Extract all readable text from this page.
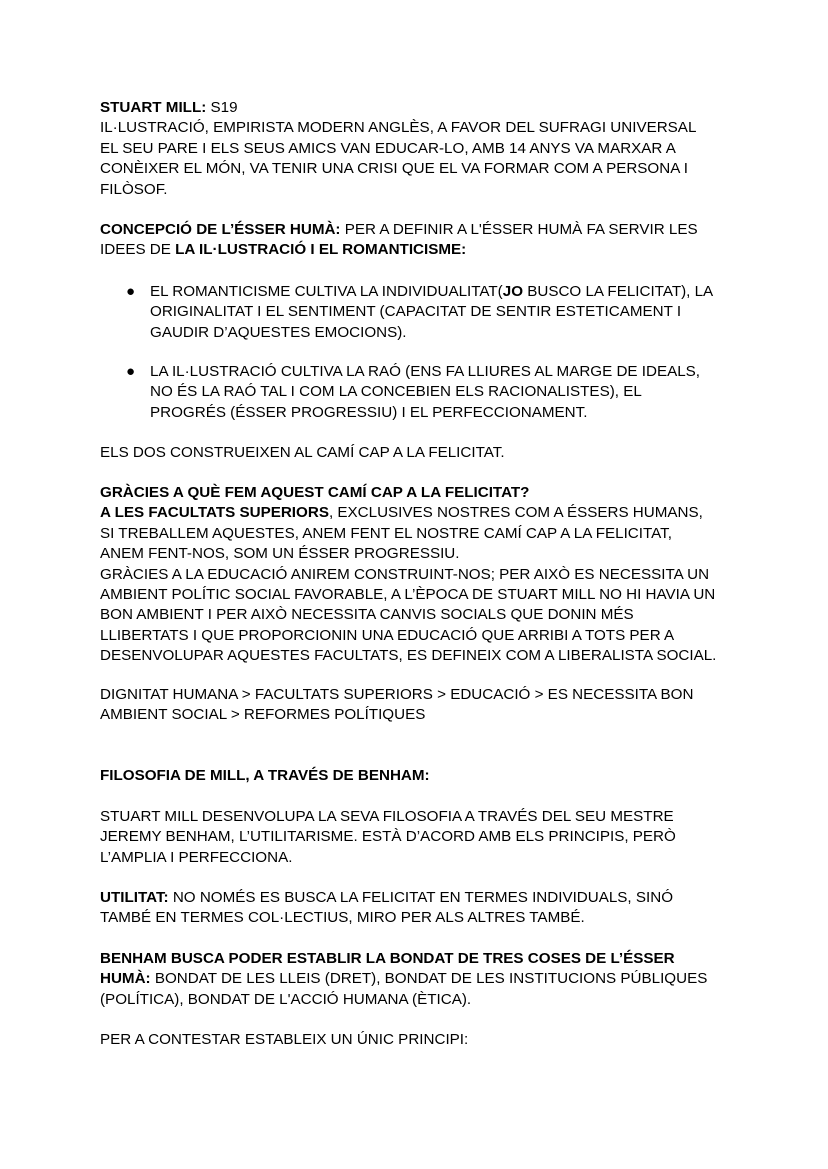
STUART MILL: S19

IL·LUSTRACIÓ, EMPIRISTA MODERN ANGLÈS, A FAVOR DEL SUFRAGI UNIVERSAL

EL SEU PARE I ELS SEUS AMICS VAN EDUCAR-LO, AMB 14 ANYS VA MARXAR A

CONÈIXER EL MÓN, VA TENIR UNA CRISI QUE EL VA FORMAR COM A PERSONA I

FILÒSOF.

CONCEPCIÓ DE L’ÉSSER HUMÀ: PER A DEFINIR A L'ÉSSER HUMÀ FA SERVIR LES

IDEES DE LA IL·LUSTRACIÓ I EL ROMANTICISME:

● EL ROMANTICISME CULTIVA LA INDIVIDUALITAT(JO BUSCO LA FELICITAT), LA

ORIGINALITAT I EL SENTIMENT (CAPACITAT DE SENTIR ESTETICAMENT I

GAUDIR D’AQUESTES EMOCIONS).

● LA IL·LUSTRACIÓ CULTIVA LA RAÓ (ENS FA LLIURES AL MARGE DE IDEALS,

NO ÉS LA RAÓ TAL I COM LA CONCEBIEN ELS RACIONALISTES), EL

PROGRÉS (ÉSSER PROGRESSIU) I EL PERFECCIONAMENT.

ELS DOS CONSTRUEIXEN AL CAMÍ CAP A LA FELICITAT.

GRÀCIES A QUÈ FEM AQUEST CAMÍ CAP A LA FELICITAT?

A LES FACULTATS SUPERIORS, EXCLUSIVES NOSTRES COM A ÉSSERS HUMANS,

SI TREBALLEM AQUESTES, ANEM FENT EL NOSTRE CAMÍ CAP A LA FELICITAT,

ANEM FENT-NOS, SOM UN ÉSSER PROGRESSIU.

GRÀCIES A LA EDUCACIÓ ANIREM CONSTRUINT-NOS; PER AIXÒ ES NECESSITA UN

AMBIENT POLÍTIC SOCIAL FAVORABLE, A L’ÈPOCA DE STUART MILL NO HI HAVIA UN

BON AMBIENT I PER AIXÒ NECESSITA CANVIS SOCIALS QUE DONIN MÉS

LLIBERTATS I QUE PROPORCIONIN UNA EDUCACIÓ QUE ARRIBI A TOTS PER A

DESENVOLUPAR AQUESTES FACULTATS, ES DEFINEIX COM A LIBERALISTA SOCIAL.

DIGNITAT HUMANA > FACULTATS SUPERIORS > EDUCACIÓ > ES NECESSITA BON

AMBIENT SOCIAL > REFORMES POLÍTIQUES

FILOSOFIA DE MILL, A TRAVÉS DE BENHAM:

STUART MILL DESENVOLUPA LA SEVA FILOSOFIA A TRAVÉS DEL SEU MESTRE

JEREMY BENHAM, L’UTILITARISME. ESTÀ D’ACORD AMB ELS PRINCIPIS, PERÒ

L’AMPLIA I PERFECCIONA.

UTILITAT: NO NOMÉS ES BUSCA LA FELICITAT EN TERMES INDIVIDUALS, SINÓ

TAMBÉ EN TERMES COL·LECTIUS, MIRO PER ALS ALTRES TAMBÉ.

BENHAM BUSCA PODER ESTABLIR LA BONDAT DE TRES COSES DE L’ÉSSER

HUMÀ: BONDAT DE LES LLEIS (DRET), BONDAT DE LES INSTITUCIONS PÚBLIQUES

(POLÍTICA), BONDAT DE L'ACCIÓ HUMANA (ÈTICA).

PER A CONTESTAR ESTABLEIX UN ÚNIC PRINCIPI:
